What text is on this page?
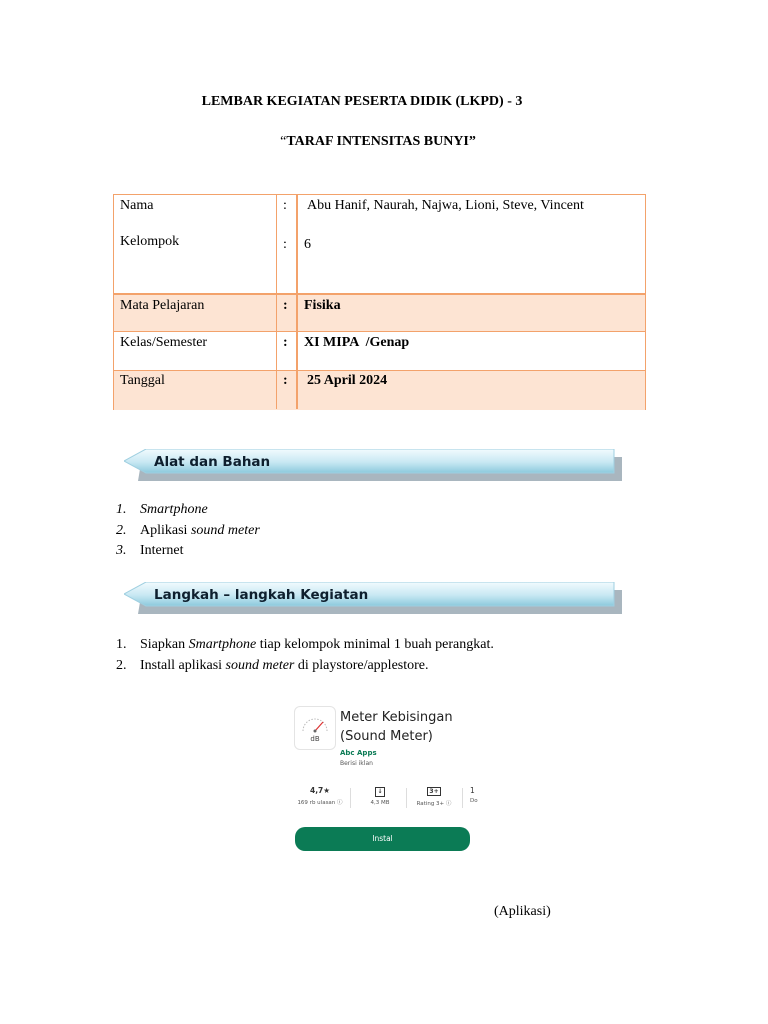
LEMBAR KEGIATAN PESERTA DIDIK (LKPD) - 3
“TARAF INTENSITAS BUNYI”
Nama	: Abu Hanif, Naurah, Najwa, Lioni, Steve, Vincent
Kelompok	: 6
Mata Pelajaran	: Fisika
Kelas/Semester	: XI MIPA  /Genap
Tanggal	: 25 April 2024
Alat dan Bahan
1. Smartphone
2. Aplikasi sound meter
3. Internet
Langkah – langkah Kegiatan
1. Siapkan Smartphone tiap kelompok minimal 1 buah perangkat.
2. Install aplikasi sound meter di playstore/applestore.
dB
Meter Kebisingan (Sound Meter)
Abc Apps
Berisi iklan
4,7★
169 rb ulasan ⓘ
↓
4,3 MB
3+
Rating 3+ ⓘ
1
Do
Instal
(Aplikasi)
